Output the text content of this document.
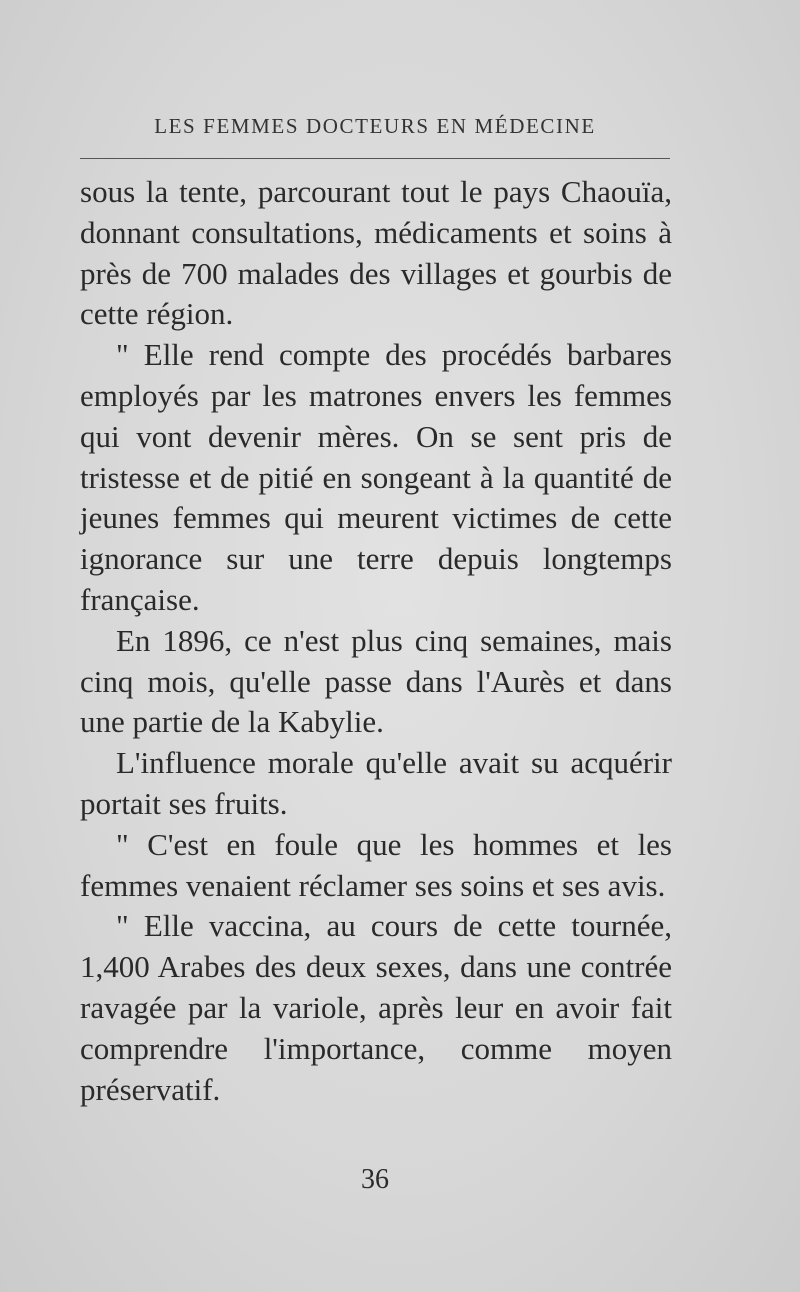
LES FEMMES DOCTEURS EN MÉDECINE

sous la tente, parcourant tout le pays Chaouïa, donnant consultations, médicaments et soins à près de 700 malades des villages et gourbis de cette région.

" Elle rend compte des procédés barbares employés par les matrones envers les femmes qui vont devenir mères. On se sent pris de tristesse et de pitié en songeant à la quantité de jeunes femmes qui meurent victimes de cette ignorance sur une terre depuis longtemps française.

En 1896, ce n'est plus cinq semaines, mais cinq mois, qu'elle passe dans l'Aurès et dans une partie de la Kabylie.

L'influence morale qu'elle avait su acquérir portait ses fruits.

" C'est en foule que les hommes et les femmes venaient réclamer ses soins et ses avis.

" Elle vaccina, au cours de cette tournée, 1,400 Arabes des deux sexes, dans une contrée ravagée par la variole, après leur en avoir fait comprendre l'importance, comme moyen préservatif.

36
